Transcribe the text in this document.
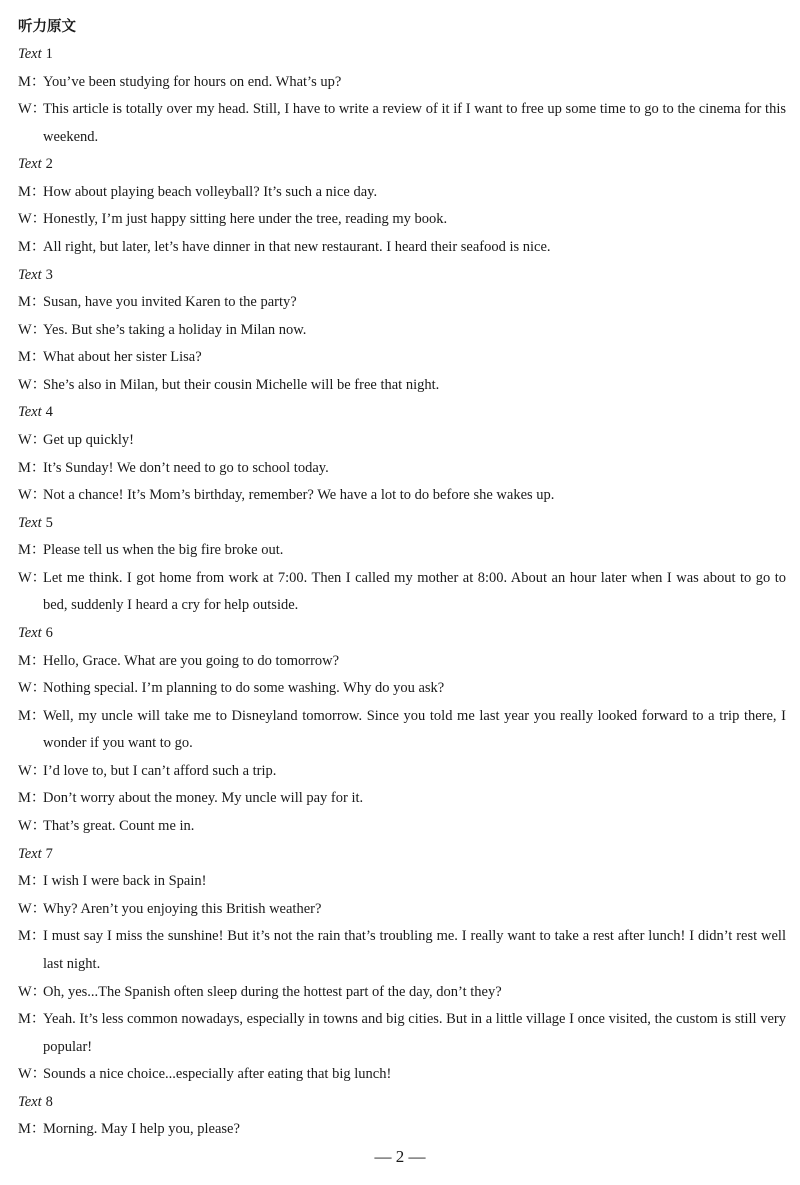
听力原文
Text 1
M：
You’ve been studying for hours on end. What’s up?
W：
This article is totally over my head. Still, I have to write a review of it if I want to free up some time to go to the cinema for this weekend.
Text 2
M：
How about playing beach volleyball? It’s such a nice day.
W：
Honestly, I’m just happy sitting here under the tree, reading my book.
M：
All right, but later, let’s have dinner in that new restaurant. I heard their seafood is nice.
Text 3
M：
Susan, have you invited Karen to the party?
W：
Yes. But she’s taking a holiday in Milan now.
M：
What about her sister Lisa?
W：
She’s also in Milan, but their cousin Michelle will be free that night.
Text 4
W：
Get up quickly!
M：
It’s Sunday! We don’t need to go to school today.
W：
Not a chance! It’s Mom’s birthday, remember? We have a lot to do before she wakes up.
Text 5
M：
Please tell us when the big fire broke out.
W：
Let me think. I got home from work at 7:00. Then I called my mother at 8:00. About an hour later when I was about to go to bed, suddenly I heard a cry for help outside.
Text 6
M：
Hello, Grace. What are you going to do tomorrow?
W：
Nothing special. I’m planning to do some washing. Why do you ask?
M：
Well, my uncle will take me to Disneyland tomorrow. Since you told me last year you really looked forward to a trip there, I wonder if you want to go.
W：
I’d love to, but I can’t afford such a trip.
M：
Don’t worry about the money. My uncle will pay for it.
W：
That’s great. Count me in.
Text 7
M：
I wish I were back in Spain!
W：
Why? Aren’t you enjoying this British weather?
M：
I must say I miss the sunshine! But it’s not the rain that’s troubling me. I really want to take a rest after lunch! I didn’t rest well last night.
W：
Oh, yes...The Spanish often sleep during the hottest part of the day, don’t they?
M：
Yeah. It’s less common nowadays, especially in towns and big cities. But in a little village I once visited, the custom is still very popular!
W：
Sounds a nice choice...especially after eating that big lunch!
Text 8
M：
Morning. May I help you, please?
— 2 —
